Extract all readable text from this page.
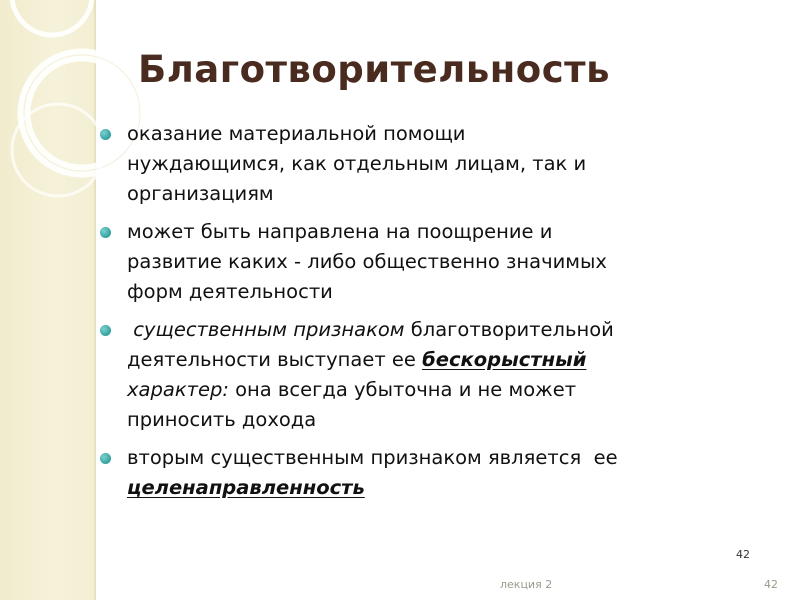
Благотворительность
оказание материальной помощи
нуждающимся, как отдельным лицам, так и
организациям
может быть направлена на поощрение и
развитие каких - либо общественно значимых
форм деятельности
существенным признаком благотворительной
деятельности выступает ее бескорыстный
характер: она всегда убыточна и не может
приносить дохода
вторым существенным признаком является  ее
целенаправленность
42
лекция 2	42
